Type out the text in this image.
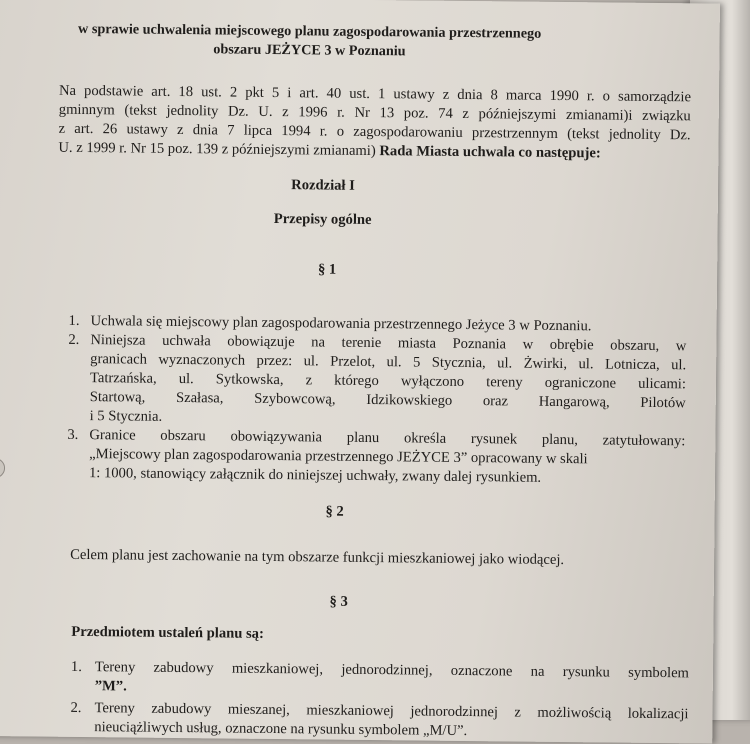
w sprawie uchwalenia miejscowego planu zagospodarowania przestrzennego
obszaru JEŻYCE 3 w Poznaniu
Na podstawie art. 18 ust. 2 pkt 5 i art. 40 ust. 1 ustawy z dnia 8 marca 1990 r. o samorządzie
gminnym (tekst jednolity Dz. U. z 1996 r. Nr 13 poz. 74 z późniejszymi zmianami)i związku
z art. 26 ustawy z dnia 7 lipca 1994 r. o zagospodarowaniu przestrzennym (tekst jednolity Dz.
U. z 1999 r. Nr 15 poz. 139 z późniejszymi zmianami) Rada Miasta uchwala co następuje:
Rozdział I
Przepisy ogólne
§ 1
1. Uchwala się miejscowy plan zagospodarowania przestrzennego Jeżyce 3 w Poznaniu.
2. Niniejsza uchwała obowiązuje na terenie miasta Poznania w obrębie obszaru, w
granicach wyznaczonych przez: ul. Przelot, ul. 5 Stycznia, ul. Żwirki, ul. Lotnicza, ul.
Tatrzańska, ul. Sytkowska, z którego wyłączono tereny ograniczone ulicami:
Startową, Szałasa, Szybowcową, Idzikowskiego oraz Hangarową, Pilotów
i 5 Stycznia.
3. Granice obszaru obowiązywania planu określa rysunek planu, zatytułowany:
„Miejscowy plan zagospodarowania przestrzennego JEŻYCE 3” opracowany w skali
1: 1000, stanowiący załącznik do niniejszej uchwały, zwany dalej rysunkiem.
§ 2
Celem planu jest zachowanie na tym obszarze funkcji mieszkaniowej jako wiodącej.
§ 3
Przedmiotem ustaleń planu są:
1. Tereny zabudowy mieszkaniowej, jednorodzinnej, oznaczone na rysunku symbolem
”M”.
2. Tereny zabudowy mieszanej, mieszkaniowej jednorodzinnej z możliwością lokalizacji
nieuciążliwych usług, oznaczone na rysunku symbolem „M/U”.
